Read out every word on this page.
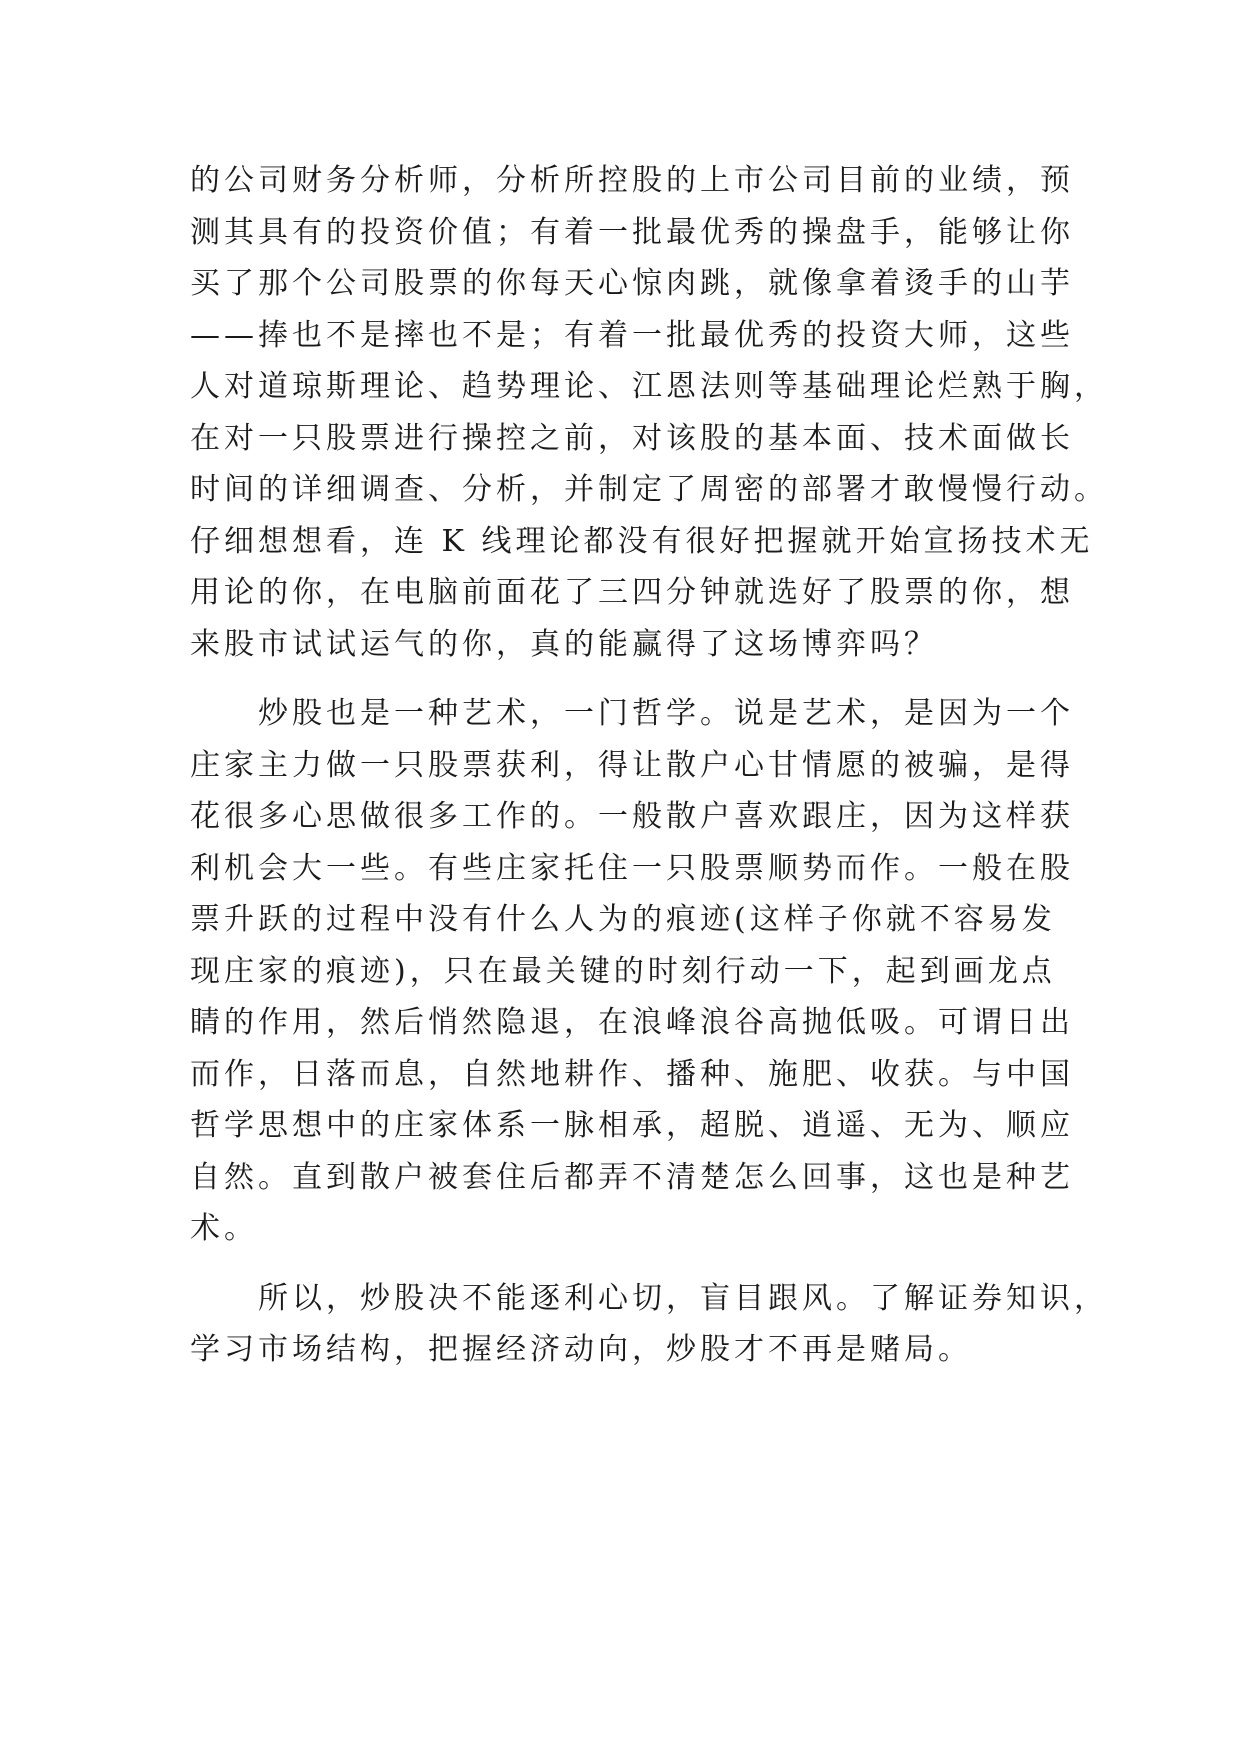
的公司财务分析师，分析所控股的上市公司目前的业绩，预
测其具有的投资价值；有着一批最优秀的操盘手，能够让你
买了那个公司股票的你每天心惊肉跳，就像拿着烫手的山芋
——捧也不是摔也不是；有着一批最优秀的投资大师，这些
人对道琼斯理论、趋势理论、江恩法则等基础理论烂熟于胸，
在对一只股票进行操控之前，对该股的基本面、技术面做长
时间的详细调查、分析，并制定了周密的部署才敢慢慢行动。
仔细想想看，连 K 线理论都没有很好把握就开始宣扬技术无
用论的你，在电脑前面花了三四分钟就选好了股票的你，想
来股市试试运气的你，真的能赢得了这场博弈吗？
炒股也是一种艺术，一门哲学。说是艺术，是因为一个
庄家主力做一只股票获利，得让散户心甘情愿的被骗，是得
花很多心思做很多工作的。一般散户喜欢跟庄，因为这样获
利机会大一些。有些庄家托住一只股票顺势而作。一般在股
票升跃的过程中没有什么人为的痕迹(这样子你就不容易发
现庄家的痕迹)，只在最关键的时刻行动一下，起到画龙点
睛的作用，然后悄然隐退，在浪峰浪谷高抛低吸。可谓日出
而作，日落而息，自然地耕作、播种、施肥、收获。与中国
哲学思想中的庄家体系一脉相承，超脱、逍遥、无为、顺应
自然。直到散户被套住后都弄不清楚怎么回事，这也是种艺
术。
所以，炒股决不能逐利心切，盲目跟风。了解证券知识，
学习市场结构，把握经济动向，炒股才不再是赌局。
